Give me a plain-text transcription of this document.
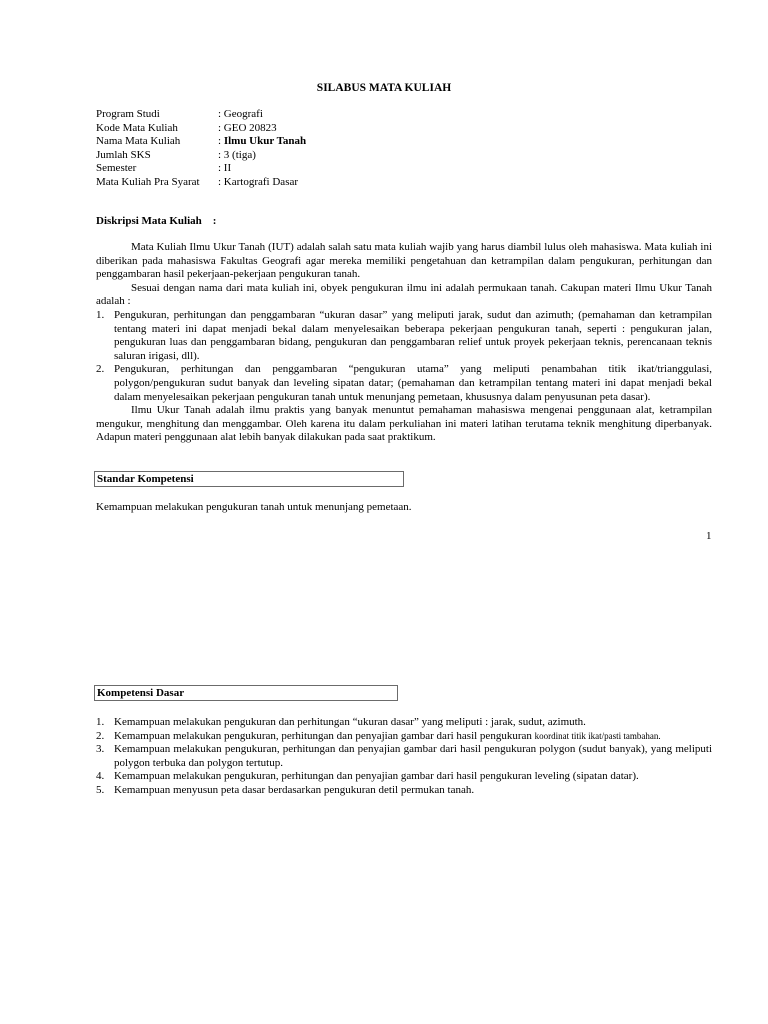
SILABUS MATA KULIAH
Program Studi	: Geografi
Kode Mata Kuliah	: GEO 20823
Nama Mata Kuliah	: Ilmu Ukur Tanah
Jumlah SKS	: 3 (tiga)
Semester	: II
Mata Kuliah Pra Syarat	: Kartografi Dasar
Diskripsi Mata Kuliah    :

Mata Kuliah Ilmu Ukur Tanah (IUT) adalah salah satu mata kuliah wajib yang harus diambil lulus oleh mahasiswa. Mata kuliah ini diberikan pada mahasiswa Fakultas Geografi agar mereka memiliki pengetahuan dan ketrampilan dalam pengukuran, perhitungan dan penggambaran hasil pekerjaan-pekerjaan pengukuran tanah.

Sesuai dengan nama dari mata kuliah ini, obyek pengukuran ilmu ini adalah permukaan tanah. Cakupan materi Ilmu Ukur Tanah adalah :

1. Pengukuran, perhitungan dan penggambaran “ukuran dasar” yang meliputi jarak, sudut dan azimuth; (pemahaman dan ketrampilan tentang materi ini dapat menjadi bekal dalam menyelesaikan beberapa pekerjaan pengukuran tanah, seperti : pengukuran jalan, pengukuran luas dan penggambaran bidang, pengukuran dan penggambaran relief untuk proyek pekerjaan teknis, perencanaan teknis saluran irigasi, dll).
2. Pengukuran, perhitungan dan penggambaran “pengukuran utama” yang meliputi penambahan titik ikat/trianggulasi, polygon/pengukuran sudut banyak dan leveling sipatan datar; (pemahaman dan ketrampilan tentang materi ini dapat menjadi bekal dalam menyelesaikan pekerjaan pengukuran tanah untuk menunjang pemetaan, khususnya dalam penyusunan peta dasar).

Ilmu Ukur Tanah adalah ilmu praktis yang banyak menuntut pemahaman mahasiswa mengenai penggunaan alat, ketrampilan mengukur, menghitung dan menggambar. Oleh karena itu dalam perkuliahan ini materi latihan terutama teknik menghitung diperbanyak. Adapun materi penggunaan alat lebih banyak dilakukan pada saat praktikum.

Standar Kompetensi
Kemampuan melakukan pengukuran tanah untuk menunjang pemetaan.
1
Kompetensi Dasar
1. Kemampuan melakukan pengukuran dan perhitungan “ukuran dasar” yang meliputi : jarak, sudut, azimuth.
2. Kemampuan melakukan pengukuran, perhitungan dan penyajian gambar dari hasil pengukuran koordinat titik ikat/pasti tambahan.
3. Kemampuan melakukan pengukuran, perhitungan dan penyajian gambar dari hasil pengukuran polygon (sudut banyak), yang meliputi polygon terbuka dan polygon tertutup.
4. Kemampuan melakukan pengukuran, perhitungan dan penyajian gambar dari hasil pengukuran leveling (sipatan datar).
5. Kemampuan menyusun peta dasar berdasarkan pengukuran detil permukan tanah.
